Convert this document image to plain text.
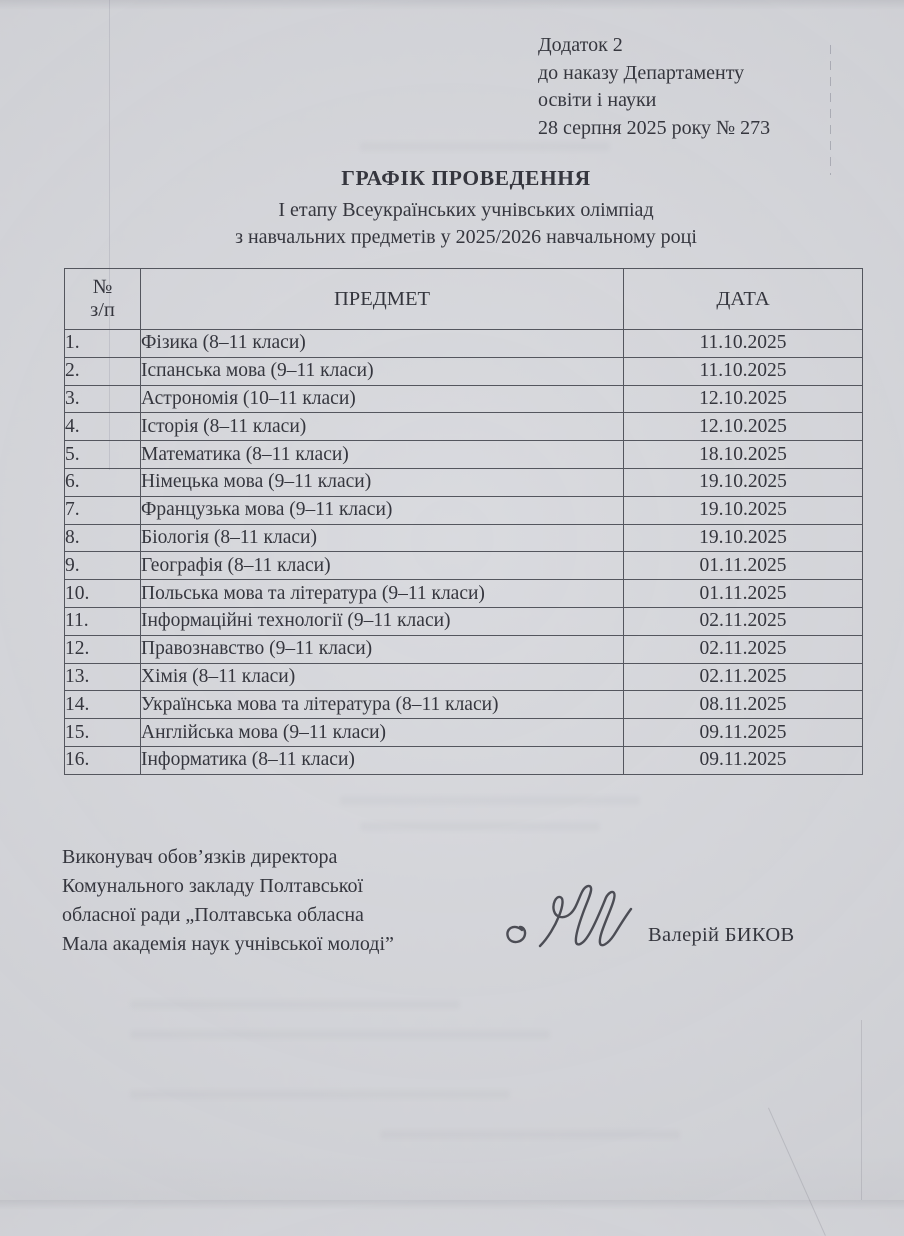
Додаток 2
до наказу Департаменту
освіти і науки
28 серпня 2025 року № 273
ГРАФІК ПРОВЕДЕННЯ
І етапу Всеукраїнських учнівських олімпіад
з навчальних предметів у 2025/2026 навчальному році
№
з/п	ПРЕДМЕТ	ДАТА
1.	Фізика (8–11 класи)	11.10.2025
2.	Іспанська мова (9–11 класи)	11.10.2025
3.	Астрономія (10–11 класи)	12.10.2025
4.	Історія (8–11 класи)	12.10.2025
5.	Математика (8–11 класи)	18.10.2025
6.	Німецька мова (9–11 класи)	19.10.2025
7.	Французька мова (9–11 класи)	19.10.2025
8.	Біологія (8–11 класи)	19.10.2025
9.	Географія (8–11 класи)	01.11.2025
10.	Польська мова та література (9–11 класи)	01.11.2025
11.	Інформаційні технології (9–11 класи)	02.11.2025
12.	Правознавство (9–11 класи)	02.11.2025
13.	Хімія (8–11 класи)	02.11.2025
14.	Українська мова та література (8–11 класи)	08.11.2025
15.	Англійська мова (9–11 класи)	09.11.2025
16.	Інформатика (8–11 класи)	09.11.2025
Виконувач обов’язків директора
Комунального закладу Полтавської
обласної ради „Полтавська обласна
Мала академія наук учнівської молоді”	Валерій БИКОВ
